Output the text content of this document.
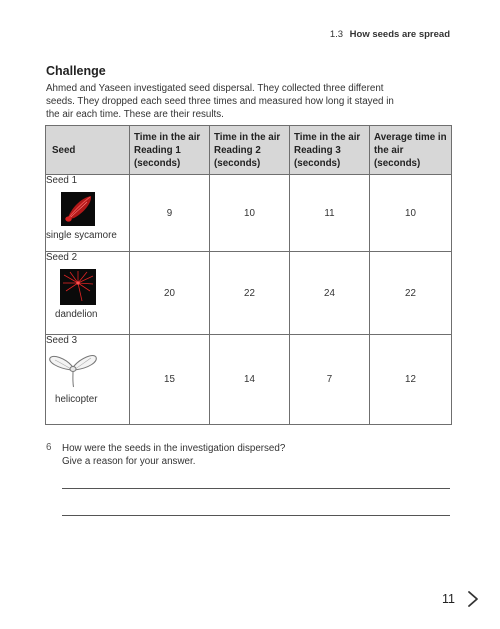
1.3 How seeds are spread
Challenge
Ahmed and Yaseen investigated seed dispersal. They collected three different seeds. They dropped each seed three times and measured how long it stayed in the air each time. These are their results.
Seed	Time in the air Reading 1 (seconds)	Time in the air Reading 2 (seconds)	Time in the air Reading 3 (seconds)	Average time in the air (seconds)

Seed 1
single sycamore	9	10	11	10

Seed 2
dandelion	20	22	24	22

Seed 3
helicopter	15	14	7	12
6 How were the seeds in the investigation dispersed?
Give a reason for your answer.
11
